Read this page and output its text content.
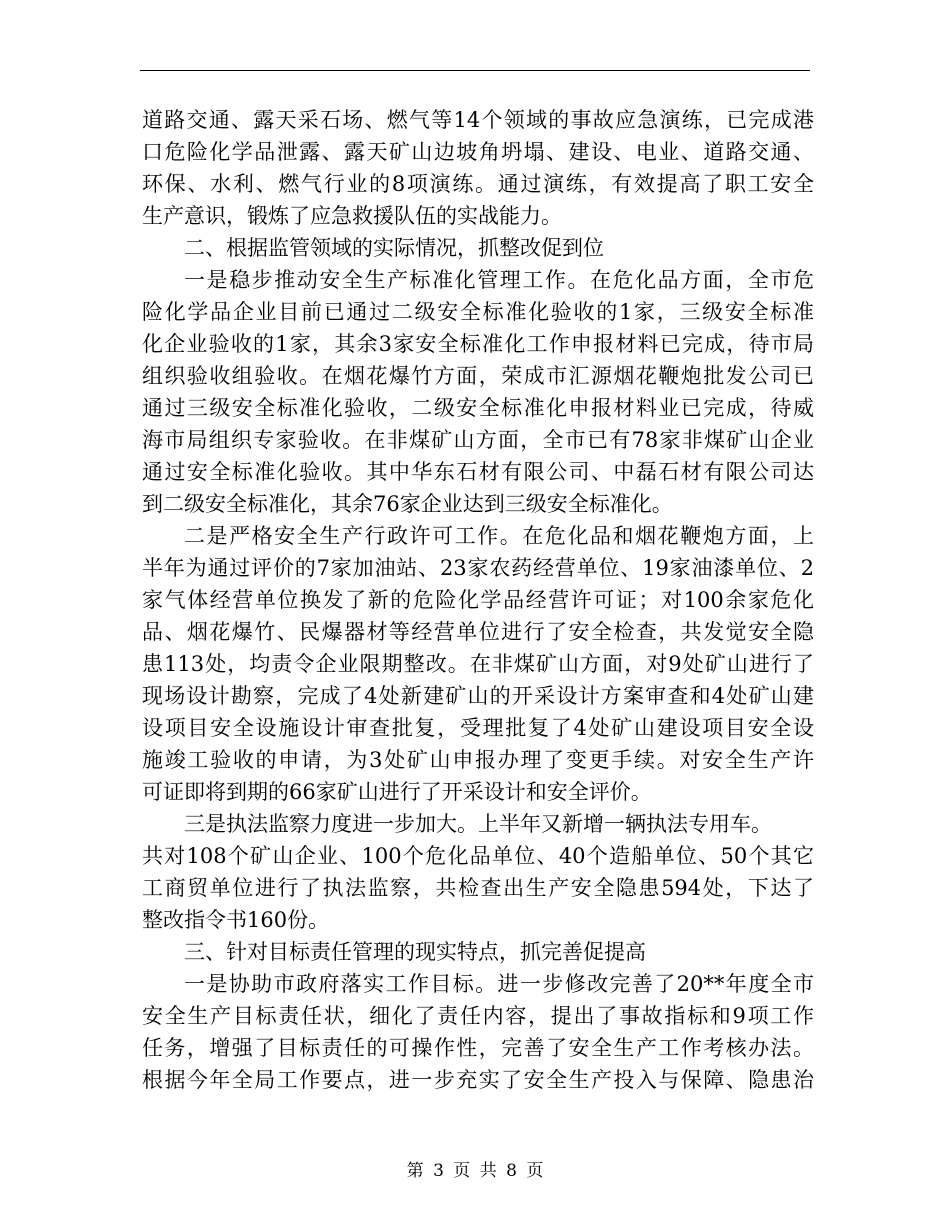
道路交通、露天采石场、燃气等14个领域的事故应急演练，已完成港
口危险化学品泄露、露天矿山边坡角坍塌、建设、电业、道路交通、
环保、水利、燃气行业的8项演练。通过演练，有效提高了职工安全
生产意识，锻炼了应急救援队伍的实战能力。
二、根据监管领域的实际情况，抓整改促到位
一是稳步推动安全生产标准化管理工作。在危化品方面，全市危
险化学品企业目前已通过二级安全标准化验收的1家，三级安全标准
化企业验收的1家，其余3家安全标准化工作申报材料已完成，待市局
组织验收组验收。在烟花爆竹方面，荣成市汇源烟花鞭炮批发公司已
通过三级安全标准化验收，二级安全标准化申报材料业已完成，待威
海市局组织专家验收。在非煤矿山方面，全市已有78家非煤矿山企业
通过安全标准化验收。其中华东石材有限公司、中磊石材有限公司达
到二级安全标准化，其余76家企业达到三级安全标准化。
二是严格安全生产行政许可工作。在危化品和烟花鞭炮方面，上
半年为通过评价的7家加油站、23家农药经营单位、19家油漆单位、2
家气体经营单位换发了新的危险化学品经营许可证；对100余家危化
品、烟花爆竹、民爆器材等经营单位进行了安全检查，共发觉安全隐
患113处，均责令企业限期整改。在非煤矿山方面，对9处矿山进行了
现场设计勘察，完成了4处新建矿山的开采设计方案审查和4处矿山建
设项目安全设施设计审查批复，受理批复了4处矿山建设项目安全设
施竣工验收的申请，为3处矿山申报办理了变更手续。对安全生产许
可证即将到期的66家矿山进行了开采设计和安全评价。
三是执法监察力度进一步加大。上半年又新增一辆执法专用车。
共对108个矿山企业、100个危化品单位、40个造船单位、50个其它
工商贸单位进行了执法监察，共检查出生产安全隐患594处，下达了
整改指令书160份。
三、针对目标责任管理的现实特点，抓完善促提高
一是协助市政府落实工作目标。进一步修改完善了20**年度全市
安全生产目标责任状，细化了责任内容，提出了事故指标和9项工作
任务，增强了目标责任的可操作性，完善了安全生产工作考核办法。
根据今年全局工作要点，进一步充实了安全生产投入与保障、隐患治
第 3 页 共 8 页
